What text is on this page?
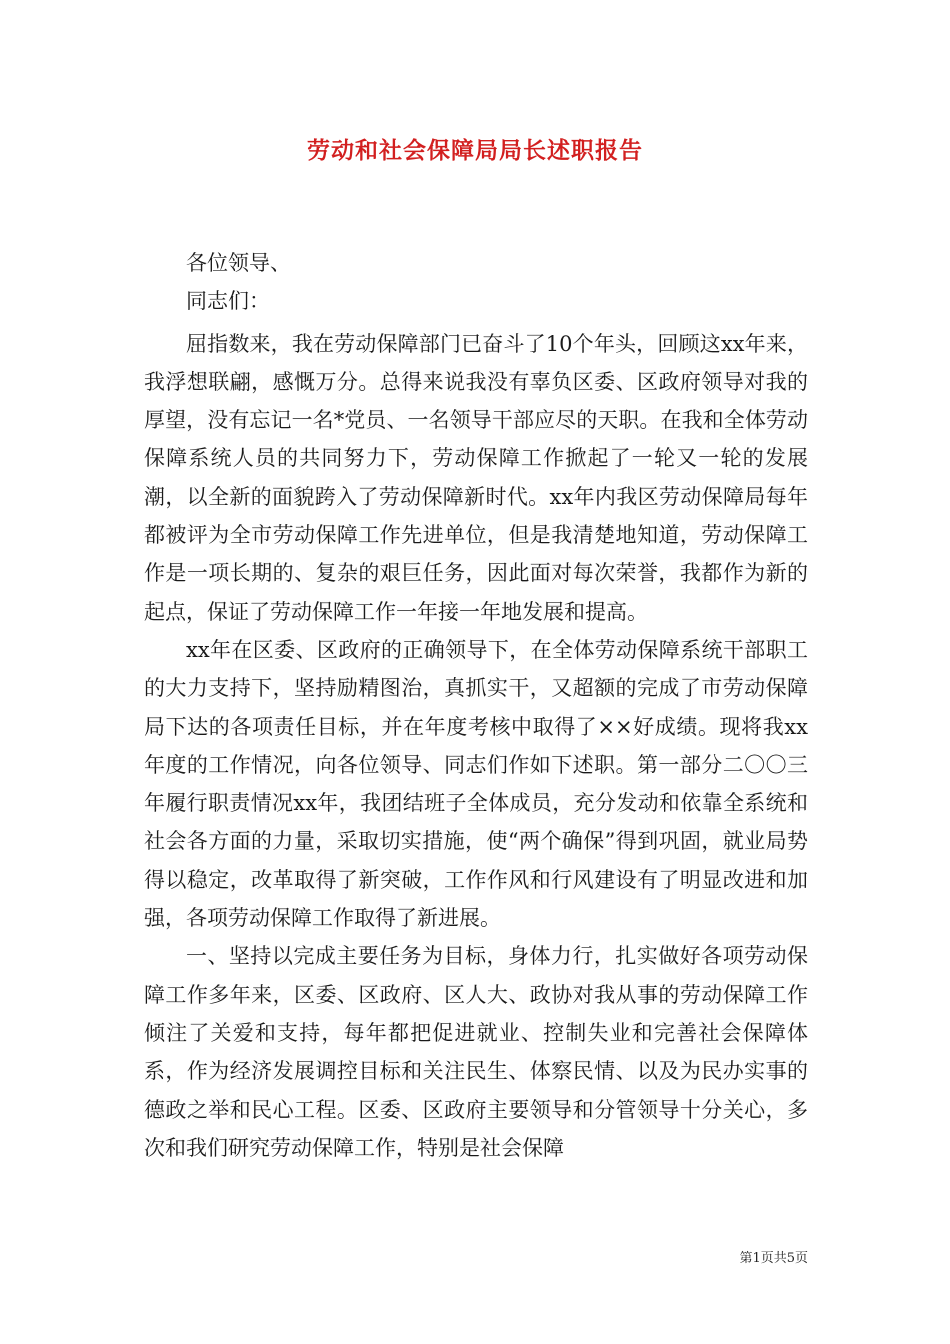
劳动和社会保障局局长述职报告
各位领导、
同志们：

屈指数来，我在劳动保障部门已奋斗了10个年头，回顾这xx年来，我浮想联翩，感慨万分。总得来说我没有辜负区委、区政府领导对我的厚望，没有忘记一名*党员、一名领导干部应尽的天职。在我和全体劳动保障系统人员的共同努力下，劳动保障工作掀起了一轮又一轮的发展潮，以全新的面貌跨入了劳动保障新时代。xx年内我区劳动保障局每年都被评为全市劳动保障工作先进单位，但是我清楚地知道，劳动保障工作是一项长期的、复杂的艰巨任务，因此面对每次荣誉，我都作为新的起点，保证了劳动保障工作一年接一年地发展和提高。

xx年在区委、区政府的正确领导下，在全体劳动保障系统干部职工的大力支持下，坚持励精图治，真抓实干，又超额的完成了市劳动保障局下达的各项责任目标，并在年度考核中取得了××好成绩。现将我xx年度的工作情况，向各位领导、同志们作如下述职。第一部分二〇〇三年履行职责情况xx年，我团结班子全体成员，充分发动和依靠全系统和社会各方面的力量，采取切实措施，使“两个确保”得到巩固，就业局势得以稳定，改革取得了新突破，工作作风和行风建设有了明显改进和加强，各项劳动保障工作取得了新进展。

一、坚持以完成主要任务为目标，身体力行，扎实做好各项劳动保障工作多年来，区委、区政府、区人大、政协对我从事的劳动保障工作倾注了关爱和支持，每年都把促进就业、控制失业和完善社会保障体系，作为经济发展调控目标和关注民生、体察民情、以及为民办实事的德政之举和民心工程。区委、区政府主要领导和分管领导十分关心，多次和我们研究劳动保障工作，特别是社会保障

第1页共5页
